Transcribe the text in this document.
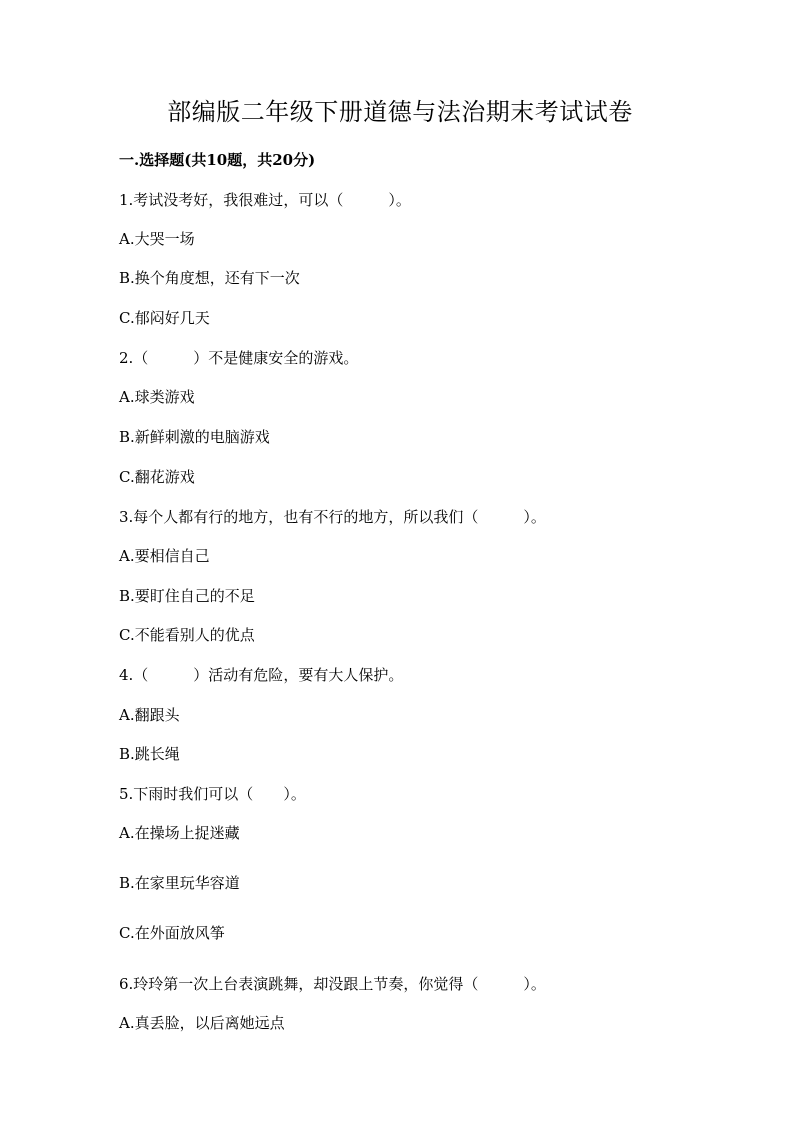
部编版二年级下册道德与法治期末考试试卷
一.选择题(共10题，共20分)
1.考试没考好，我很难过，可以（　　　）。
A.大哭一场
B.换个角度想，还有下一次
C.郁闷好几天
2.（　　　）不是健康安全的游戏。
A.球类游戏
B.新鲜刺激的电脑游戏
C.翻花游戏
3.每个人都有行的地方，也有不行的地方，所以我们（　　　）。
A.要相信自己
B.要盯住自己的不足
C.不能看别人的优点
4.（　　　）活动有危险，要有大人保护。
A.翻跟头
B.跳长绳
5.下雨时我们可以（　　）。
A.在操场上捉迷藏
B.在家里玩华容道
C.在外面放风筝
6.玲玲第一次上台表演跳舞，却没跟上节奏，你觉得（　　　）。
A.真丢脸，以后离她远点
